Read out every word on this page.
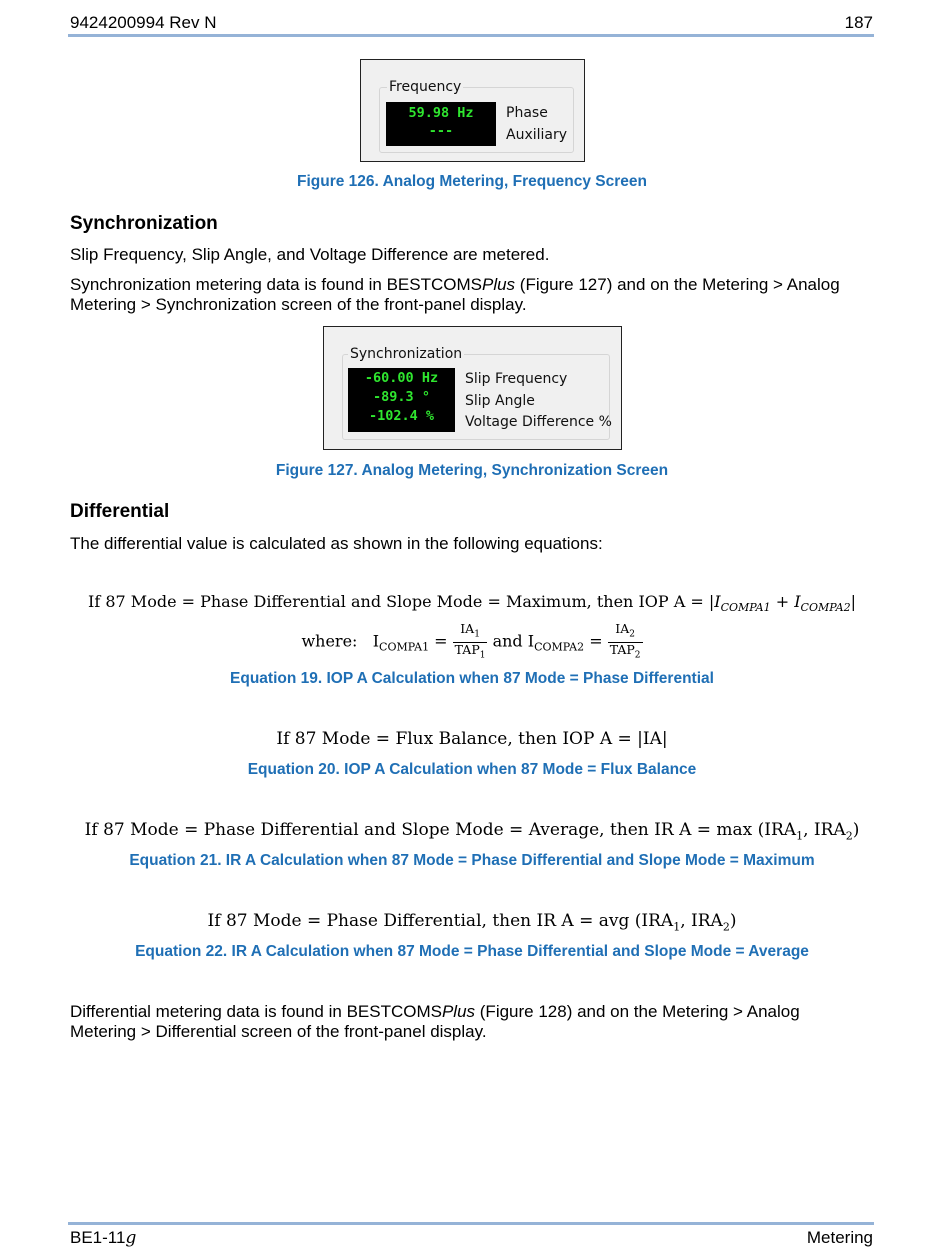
9424200994 Rev N	187
Frequency
59.98 Hz
---
Phase
Auxiliary
Figure 126. Analog Metering, Frequency Screen
Synchronization
Slip Frequency, Slip Angle, and Voltage Difference are metered.
Synchronization metering data is found in BESTCOMSPlus (Figure 127) and on the Metering > Analog Metering > Synchronization screen of the front-panel display.
Synchronization
-60.00 Hz
-89.3 °
-102.4 %
Slip Frequency
Slip Angle
Voltage Difference %
Figure 127. Analog Metering, Synchronization Screen
Differential
The differential value is calculated as shown in the following equations:
If 87 Mode = Phase Differential and Slope Mode = Maximum, then IOP $A = |I_{COMPA1} + I_{COMPA2}|$
where: $I_{COMPA1} = \frac{IA_1}{TAP_1}$ and $I_{COMPA2} = \frac{IA_2}{TAP_2}$
Equation 19. IOP A Calculation when 87 Mode = Phase Differential
If 87 Mode = Flux Balance, then IOP A = |IA|
Equation 20. IOP A Calculation when 87 Mode = Flux Balance
If 87 Mode = Phase Differential and Slope Mode = Average, then IR $A = \max (IRA_1$, $IRA_2$)
Equation 21. IR A Calculation when 87 Mode = Phase Differential and Slope Mode = Maximum
If 87 Mode = Phase Differential, then IR A = avg ($IRA_1$, $IRA_2$)
Equation 22. IR A Calculation when 87 Mode = Phase Differential and Slope Mode = Average
Differential metering data is found in BESTCOMSPlus (Figure 128) and on the Metering > Analog Metering > Differential screen of the front-panel display.
BE1-11g	Metering
